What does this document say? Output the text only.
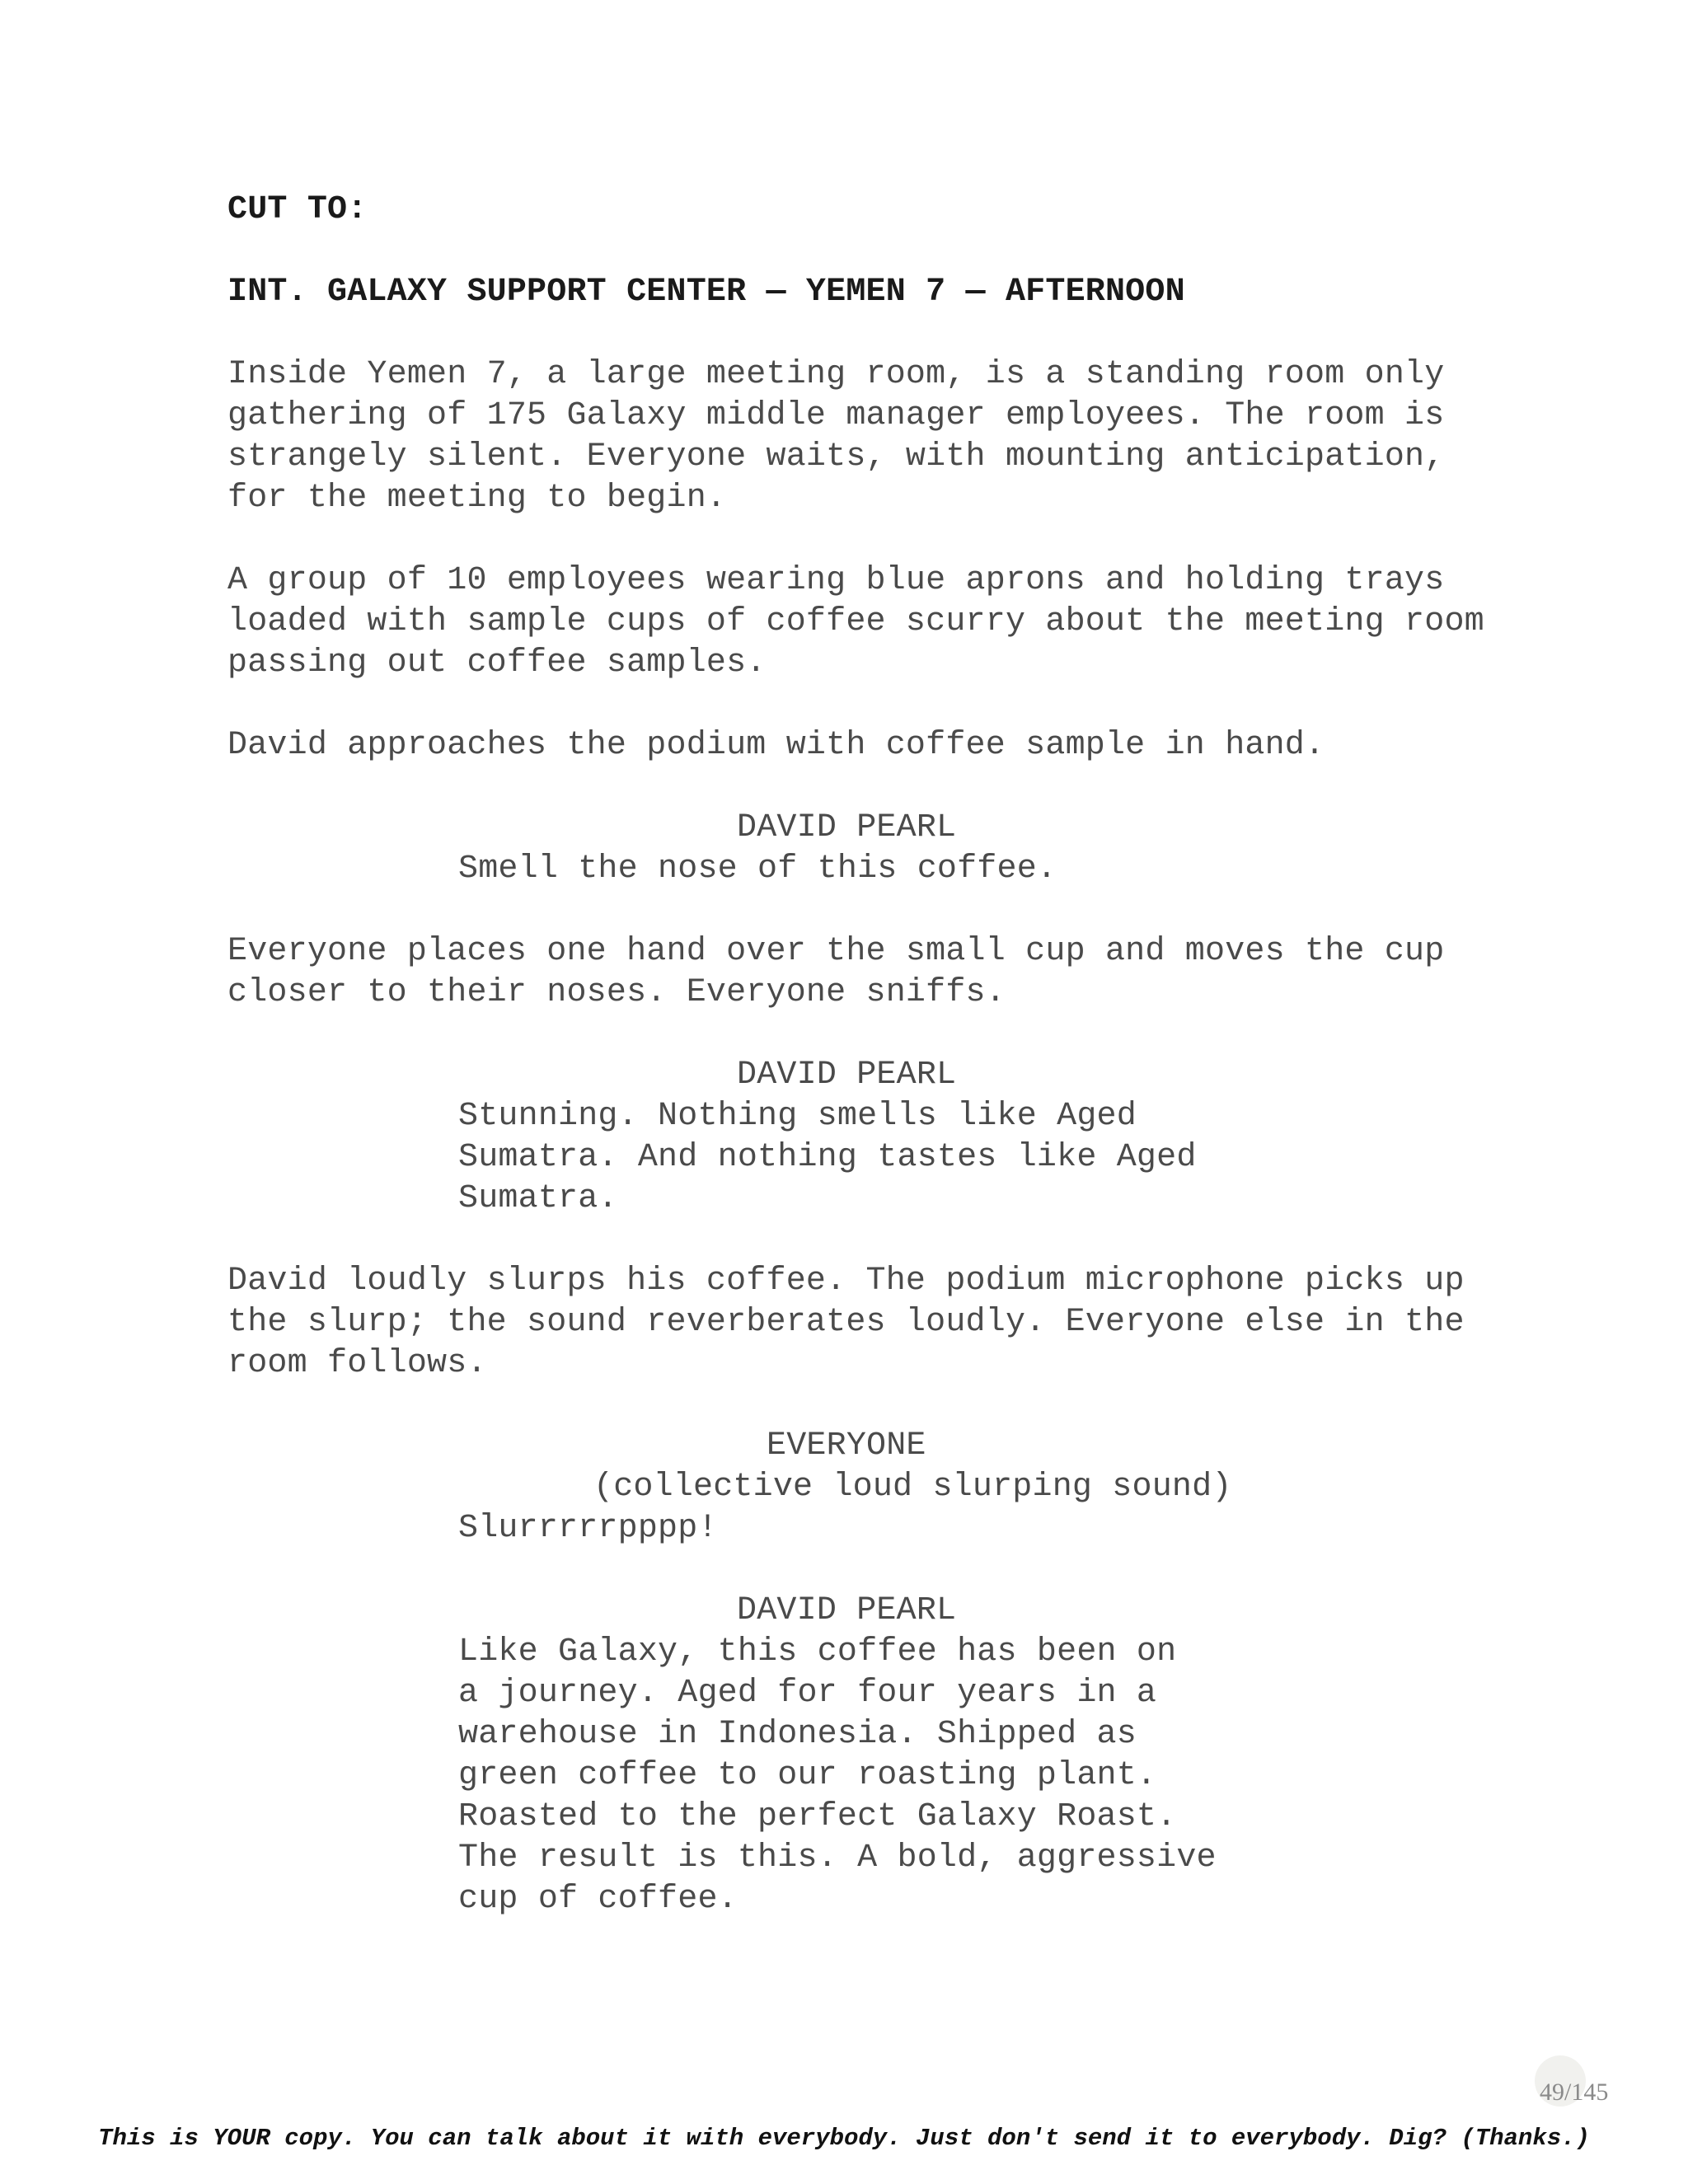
CUT TO:
INT. GALAXY SUPPORT CENTER — YEMEN 7 — AFTERNOON
Inside Yemen 7, a large meeting room, is a standing room only
gathering of 175 Galaxy middle manager employees. The room is
strangely silent. Everyone waits, with mounting anticipation,
for the meeting to begin.
A group of 10 employees wearing blue aprons and holding trays
loaded with sample cups of coffee scurry about the meeting room
passing out coffee samples.
David approaches the podium with coffee sample in hand.
DAVID PEARL
Smell the nose of this coffee.
Everyone places one hand over the small cup and moves the cup
closer to their noses. Everyone sniffs.
DAVID PEARL
Stunning. Nothing smells like Aged
Sumatra. And nothing tastes like Aged
Sumatra.
David loudly slurps his coffee. The podium microphone picks up
the slurp; the sound reverberates loudly. Everyone else in the
room follows.
EVERYONE
(collective loud slurping sound)
Slurrrrrpppp!
DAVID PEARL
Like Galaxy, this coffee has been on
a journey. Aged for four years in a
warehouse in Indonesia. Shipped as
green coffee to our roasting plant.
Roasted to the perfect Galaxy Roast.
The result is this. A bold, aggressive
cup of coffee.
49/145
This is YOUR copy. You can talk about it with everybody. Just don't send it to everybody. Dig? (Thanks.)
